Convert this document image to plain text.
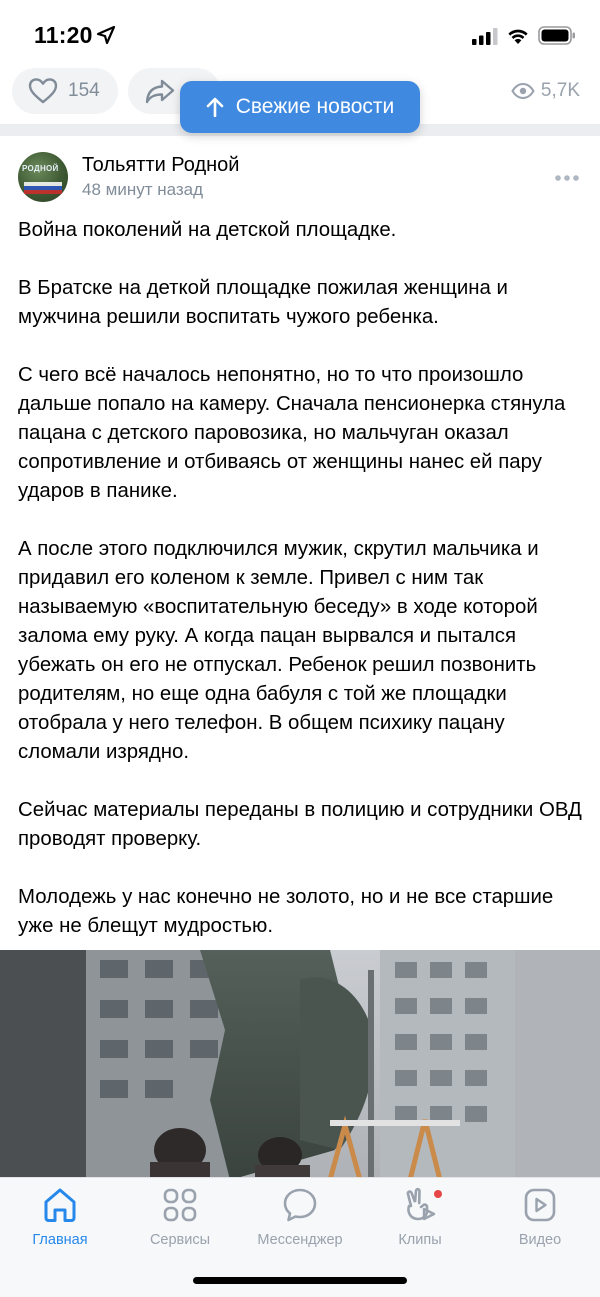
11:20
154	5,7K
Свежие новости
РОДНОЙ Тольятти Родной
48 минут назад

Война поколений на детской площадке.

В Братске на деткой площадке пожилая женщина и мужчина решили воспитать чужого ребенка.

С чего всё началось непонятно, но то что произошло дальше попало на камеру. Сначала пенсионерка стянула пацана с детского паровозика, но мальчуган оказал сопротивление и отбиваясь от женщины нанес ей пару ударов в панике.

А после этого подключился мужик, скрутил мальчика и придавил его коленом к земле. Привел с ним так называемую «воспитательную беседу» в ходе которой залома ему руку. А когда пацан вырвался и пытался убежать он его не отпускал. Ребенок решил позвонить родителям, но еще одна бабуля с той же площадки отобрала у него телефон. В общем психику пацану сломали изрядно.

Сейчас материалы переданы в полицию и сотрудники ОВД проводят проверку.

Молодежь у нас конечно не золото, но и не все старшие уже не блещут мудростью.

Главная	Сервисы	Мессенджер	Клипы	Видео
